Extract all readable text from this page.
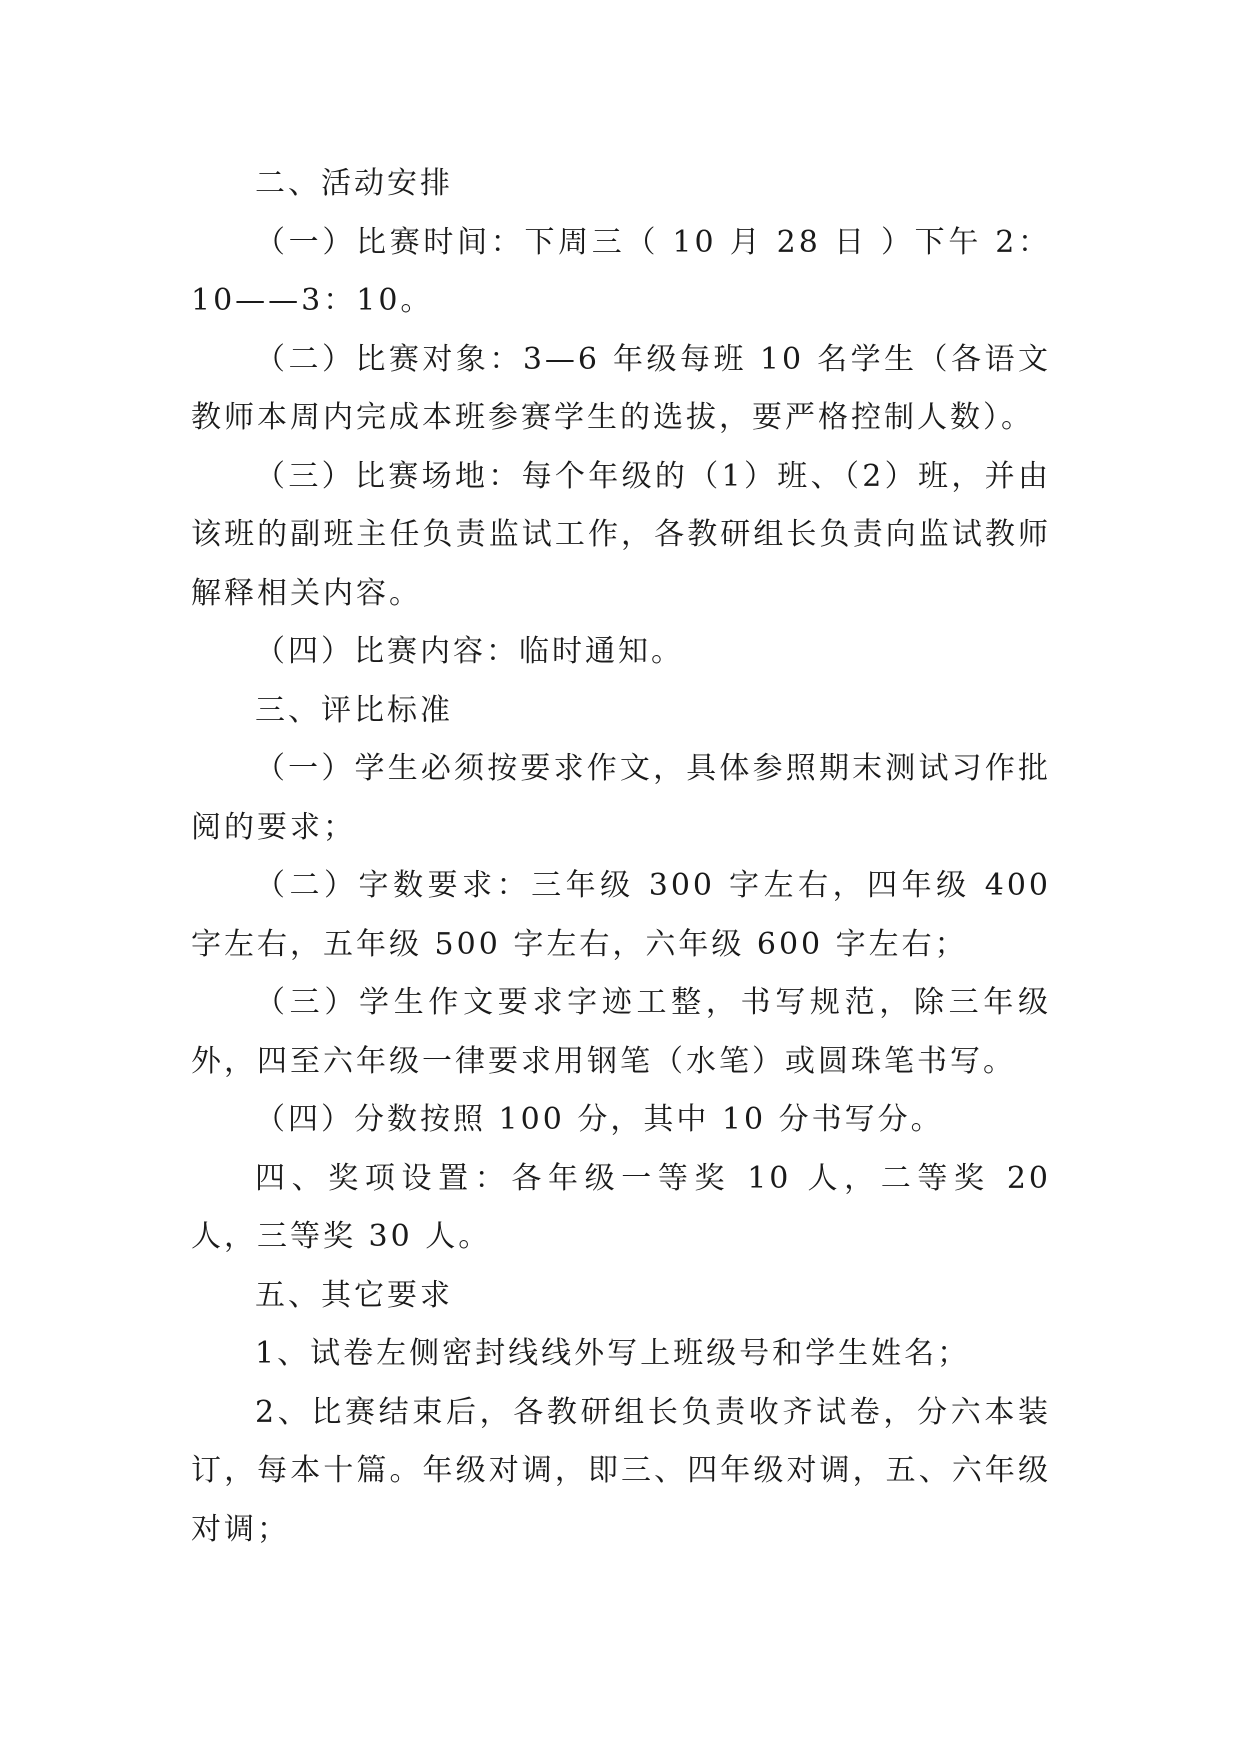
二、活动安排

（一）比赛时间：下周三（ 10 月 28 日 ）下午 2：10——3：10。

（二）比赛对象：3—6 年级每班 10 名学生（各语文教师本周内完成本班参赛学生的选拔，要严格控制人数）。

（三）比赛场地：每个年级的（1）班、（2）班，并由该班的副班主任负责监试工作，各教研组长负责向监试教师解释相关内容。

（四）比赛内容：临时通知。

三、评比标准

（一）学生必须按要求作文，具体参照期末测试习作批阅的要求；

（二）字数要求：三年级 300 字左右，四年级 400 字左右，五年级 500 字左右，六年级 600 字左右；

（三）学生作文要求字迹工整，书写规范，除三年级外，四至六年级一律要求用钢笔（水笔）或圆珠笔书写。

（四）分数按照 100 分，其中 10 分书写分。

四、奖项设置：各年级一等奖 10 人，二等奖 20 人，三等奖 30 人。

五、其它要求

1、试卷左侧密封线线外写上班级号和学生姓名；

2、比赛结束后，各教研组长负责收齐试卷，分六本装订，每本十篇。年级对调，即三、四年级对调，五、六年级对调；
